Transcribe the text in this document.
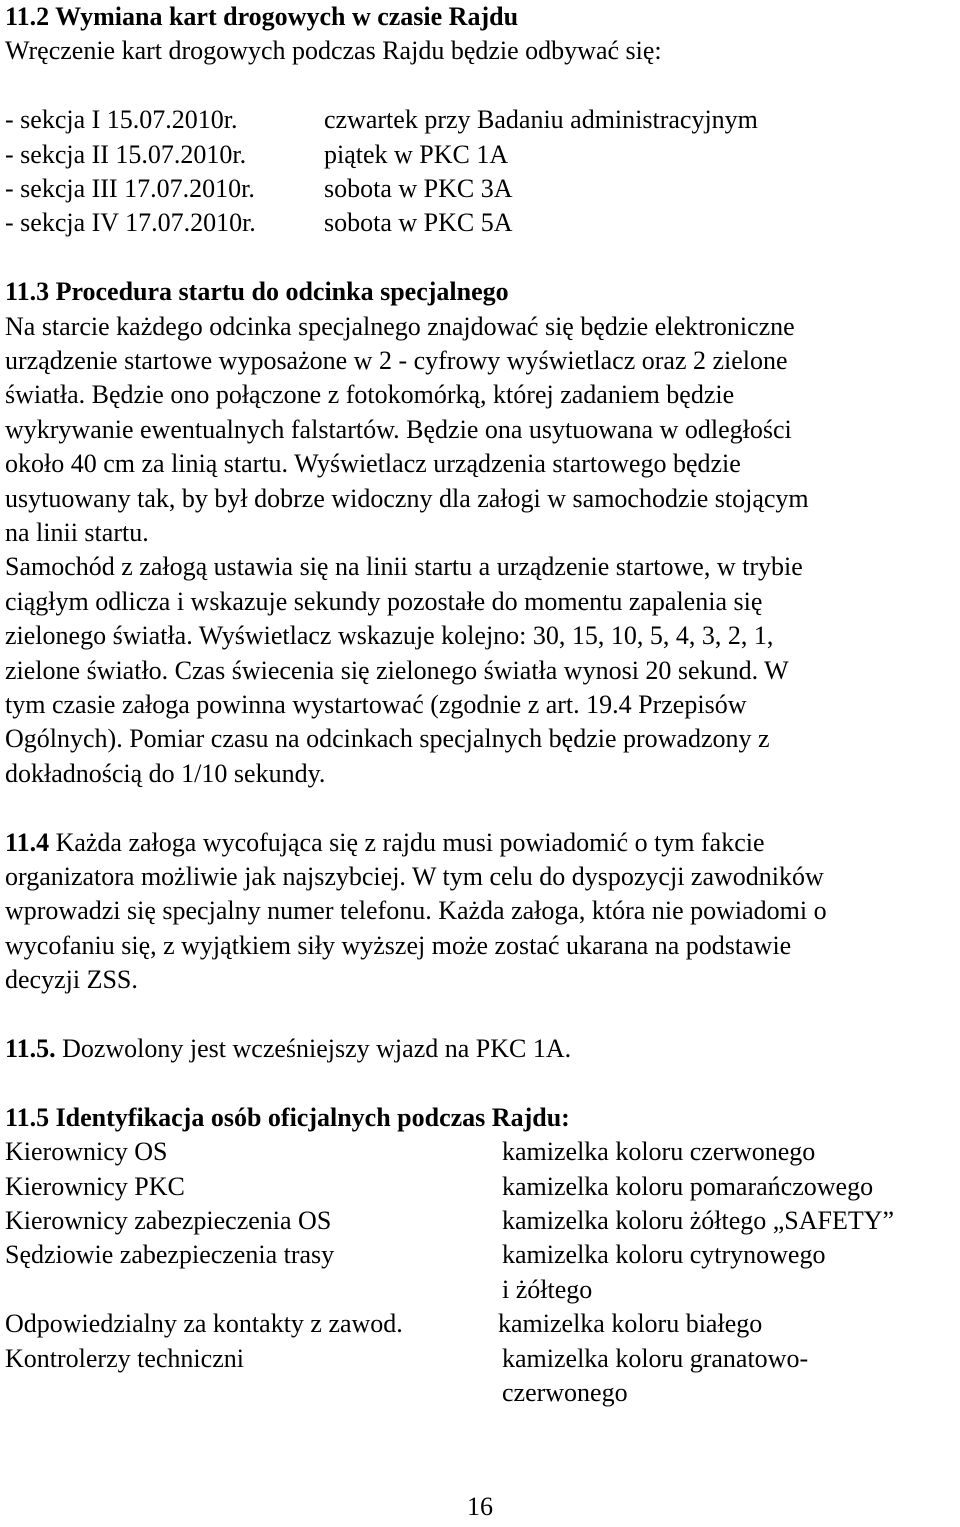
11.2 Wymiana kart drogowych w czasie Rajdu

Wręczenie kart drogowych podczas Rajdu będzie odbywać się:

- sekcja I 15.07.2010r.	czwartek przy Badaniu administracyjnym
- sekcja II 15.07.2010r.	piątek w PKC 1A
- sekcja III 17.07.2010r.	sobota w PKC 3A
- sekcja IV 17.07.2010r.	sobota w PKC 5A

11.3 Procedura startu do odcinka specjalnego

Na starcie każdego odcinka specjalnego znajdować się będzie elektroniczne

urządzenie startowe wyposażone w 2 - cyfrowy wyświetlacz oraz 2 zielone

światła. Będzie ono połączone z fotokomórką, której zadaniem będzie

wykrywanie ewentualnych falstartów. Będzie ona usytuowana w odległości

około 40 cm za linią startu. Wyświetlacz urządzenia startowego będzie

usytuowany tak, by był dobrze widoczny dla załogi w samochodzie stojącym

na linii startu.

Samochód z załogą ustawia się na linii startu a urządzenie startowe, w trybie

ciągłym odlicza i wskazuje sekundy pozostałe do momentu zapalenia się

zielonego światła. Wyświetlacz wskazuje kolejno: 30, 15, 10, 5, 4, 3, 2, 1,

zielone światło. Czas świecenia się zielonego światła wynosi 20 sekund. W

tym czasie załoga powinna wystartować (zgodnie z art. 19.4 Przepisów

Ogólnych). Pomiar czasu na odcinkach specjalnych będzie prowadzony z

dokładnością do 1/10 sekundy.

11.4 Każda załoga wycofująca się z rajdu musi powiadomić o tym fakcie

organizatora możliwie jak najszybciej. W tym celu do dyspozycji zawodników

wprowadzi się specjalny numer telefonu. Każda załoga, która nie powiadomi o

wycofaniu się, z wyjątkiem siły wyższej może zostać ukarana na podstawie

decyzji ZSS.

11.5. Dozwolony jest wcześniejszy wjazd na PKC 1A.

11.5 Identyfikacja osób oficjalnych podczas Rajdu:

Kierownicy OS	kamizelka koloru czerwonego
Kierownicy PKC	kamizelka koloru pomarańczowego
Kierownicy zabezpieczenia OS	kamizelka koloru żółtego „SAFETY”
Sędziowie zabezpieczenia trasy	kamizelka koloru cytrynowego
i żółtego
Odpowiedzialny za kontakty z zawod.	kamizelka koloru białego
Kontrolerzy techniczni	kamizelka koloru granatowo-
czerwonego
16
